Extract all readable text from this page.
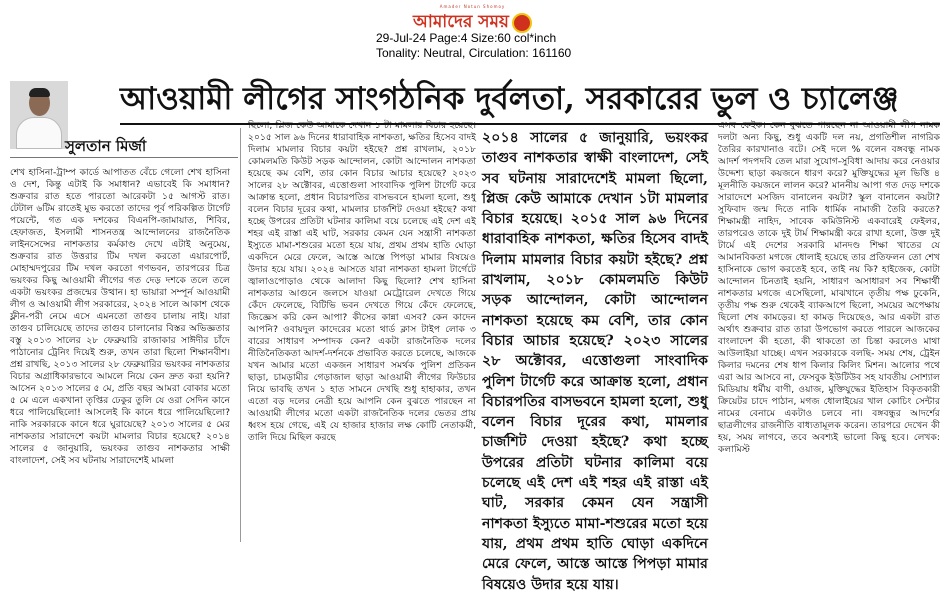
Amader Notun Shomoy
আমাদের সময়
29-Jul-24 Page:4 Size:60 col*inch
Tonality: Neutral, Circulation: 161160
আওয়ামী লীগের সাংগঠনিক দুর্বলতা, সরকারের ভুল ও চ্যালেঞ্জ
সুলতান মির্জা
শেখ হাসিনা-ট্রাম্প কার্ডে আপাতত বেঁচে গেলো শেখ হাসিনা ও দেশ, কিন্তু এটাই কি সমাধান? এভাবেই কি সমাধান? শুক্রবার রাত হতে পারতো আরেকটা ১৫ আগস্ট রাত। টেটাল ৬টিম রাতেই মুভ করতো তাদের পূর্ব পরিকল্পিত টার্গেট পয়েন্টে, গত এক দশকের বিএনপি-জামায়াত, শিবির, হেফাজত, ইসলামী শাসনতন্ত্র আন্দোলনের রাজনৈতিক লাইনসেন্সের নাশকতার কর্মকাণ্ড দেখে এটাই অনুমেয়, শুক্রবার রাত উত্তরার টিম দখল করতো এয়ারপোর্ট, মোহাম্মদপুরের টিম দখল করতো গণভবন, তারপরের চিত্র ভয়ংকর কিছু আওয়ামী লীগের গত দেড় দশকে তলে তলে একটা ভয়ংকর প্রজন্মের উত্থান। হা ভায়ারা সম্পূর্ন আওয়ামী লীগ ও আওয়ামী লীগ সরকারের, ২০২৪ সালে আকাশ থেকে ফ্লীন-পরী নেমে এসে এমনতো তাগুব চালায় নাই। যারা তাগুব চালিয়েছে তাদের তাগুব চালানোর বিস্তর অভিজ্ঞতার বস্তু ২০১৩ সালের ২৮ ফেব্রুয়ারি রাজাকার সাঈদীর চাঁদে পাঠানোর ট্রেনিং দিয়েই শুরু, তখন তারা ছিলো শিক্ষানবীশ। প্রশ্ন রাখছি, ২০১৩ সালের ২৮ ফেব্রুয়ারির ভয়ংকর নাশকতার বিচার অগ্রাধিকারভাবে আমলে নিয়ে কেন দ্রুত করা হয়নি? আসেন ২০১৩ সালের ৫ মে, প্রতি বছর আমরা বোকার মতো ৫ মে এলে একখানা তৃপ্তির ঢেকুর তুলি যে ওরা সেদিন কানে ধরে পালিয়েছিলো! আসলেই কি কানে ধরে পালিয়েছিলো? নাকি সরকারকে কানে ধরে ঘুরায়েছে? ২০১৩ সালের ৫ মের নাশকতার সারাদেশে কয়টা মামলার বিচার হয়েছে? ২০১৪ সালের ৫ জানুয়ারি, ভয়ংকর তাগুব নাশকতার সাক্ষী বাংলাদেশ, সেই সব ঘটনায় সারাদেশেই মামলা
ছিলো, প্লিজ কেউ আমাকে দেখান ১ টা মামলার বিচার হয়েছে। ২০১৫ সাল ৯৬ দিনের ধারাবাহিক নাশকতা, ক্ষতির হিসেব বাদই দিলাম মামলার বিচার কয়টা হইছে? প্রশ্ন রাখলাম, ২০১৮ কোমলমতি কিউট সড়ক আন্দোলন, কোটা আন্দোলন নাশকতা হয়েছে কম বেশি, তার কোন বিচার আচার হয়েছে? ২০২৩ সালের ২৮ অক্টোবর, এত্তোগুলা সাংবাদিক পুলিশ টার্গেট করে আক্রান্ত হলো, প্রধান বিচারপতির বাসভবনে হামলা হলো, শুধু বলেন বিচার দূরের কথা, মামলার চার্জশিট দেওয়া হইছে? কথা হচ্ছে উপরের প্রতিটা ঘটনার কালিমা বয়ে চলেছে এই দেশ এই শহর এই রাস্তা এই ঘাট, সরকার কেমন যেন সন্ত্রাসী নাশকতা ইস্যুতে মামা-শশুরের মতো হয়ে যায়, প্রথম প্রথম হাতি ঘোড়া একদিনে মেরে ফেলে, আস্তে আস্তে পিপড়া মামার বিষয়েও উদার হয়ে যায়। ২০২৪ আসতে যারা নাশকতা হামলা টার্গেটে জ্বালাওপোড়াও থেকে আলাদা কিছু ছিলো? শেখ হাসিনা নাশকতার আগুনে জলসে যাওয়া মেট্রোরেল দেখতে গিয়ে কেঁদে ফেলেছে, বিটিভি ভবন দেখতে গিয়ে কেঁদে ফেলেছে, জিজ্ঞেস করি কেন আপা? কীসের কান্না এসব? কেন কাদেন আপনি? ওবায়দুল কাদেরের মতো থার্ড ক্লাস টাইপ লোক ৩ বারের সাধারণ সম্পাদক কেন? একটা রাজনৈতিক দলের নীতিনৈতিকতা আদর্শ-দর্শনকে প্রভাবিত করতে চলেছে, আজকে যখন আমার মতো একজন সাধারণ সমর্থক পুলিশ প্রতিকন ছাড়া, চামড়ামীর গেড়াজাল ছাড়া আওয়ামী লীগের ফিউচার নিয়ে ভাবছি তখন ১ হাত সামনে দেখছি শুধু হাহাকার, তখন এতো বড় দলের নেত্রী হয়ে আপনি কেন বুঝতে পারছেন না আওয়ামী লীগের মতো একটা রাজনৈতিক দলের ভেতর প্রায় ধ্বংস হয়ে গেছে, এই যে হাজার হাজার লক্ষ কোটি নেতাকর্মী, তালি দিয়ে মিছিল করছে
২০১৪ সালের ৫ জানুয়ারি, ভয়ংকর তাগুব নাশকতার স্বাক্ষী বাংলাদেশ, সেই সব ঘটনায় সারাদেশেই মামলা ছিলো, প্লিজ কেউ আমাকে দেখান ১টা মামলার বিচার হয়েছে। ২০১৫ সাল ৯৬ দিনের ধারাবাহিক নাশকতা, ক্ষতির হিসেব বাদই দিলাম মামলার বিচার কয়টা হইছে? প্রশ্ন রাখলাম, ২০১৮ কোমলমতি কিউট সড়ক আন্দোলন, কোটা আন্দোলন নাশকতা হয়েছে কম বেশি, তার কোন বিচার আচার হয়েছে? ২০২৩ সালের ২৮ অক্টোবর, এত্তোগুলা সাংবাদিক পুলিশ টার্গেট করে আক্রান্ত হলো, প্রধান বিচারপতির বাসভবনে হামলা হলো, শুধু বলেন বিচার দূরের কথা, মামলার চার্জশিট দেওয়া হইছে? কথা হচ্ছে উপরের প্রতিটা ঘটনার কালিমা বয়ে চলেছে এই দেশ এই শহর এই রাস্তা এই ঘাট, সরকার কেমন যেন সন্ত্রাসী নাশকতা ইস্যুতে মামা-শশুরের মতো হয়ে যায়, প্রথম প্রথম হাতি ঘোড়া একদিনে মেরে ফেলে, আস্তে আস্তে পিপড়া মামার বিষয়েও উদার হয়ে যায়।
এসব ফেইক। কেন বুঝতে পারছেন না আওয়ামী লীগ নামক দলটা অন্য কিছু, শুধু একটি দল নয়, প্রগতিশীল নাগরিক তৈরির কারখানাও বটে। সেই দলে % বলেন বঙ্গবন্ধু নামক আদর্শ পদপদবি তেল মারা সুযোগ-সুবিধা আদায় করে নেওয়ার উদ্দেশ্য ছাড়া কয়জনে ধারণ করে? মুক্তিযুদ্ধের মূল ভিত্তি ৪ মূলনীতি কয়জনে লালন করে? মাননীয় আপা গত দেড় দশকে সারাদেশে মসজিদ বানালেন কয়টা? স্কুল বানালেন কয়টা? সুফিবাদ জন্ম দিতে নাকি ধার্মিক নামাজী তৈরি করতে? শিক্ষামন্ত্রী নাহিদ, সাবেক কমিউনিস্ট একবারেই ফেইলর, তারপরেও তাকে দুই টার্ম শিক্ষামন্ত্রী করে রাখা হলো, উক্ত দুই টার্মে এই দেশের সরকারি মানদণ্ড শিক্ষা খাতের যে আমানবিকতা মগজে ধোলাই হয়েছে তার প্রতিফলন তো শেখ হাসিনাকে ভোগ করতেই হবে, তাই নয় কি? হাইজেক, কোটা আন্দোলন চিনতাই হয়নি, সাধারণ অসাধারণ সব শিক্ষার্থী নাশকতার মগজে এসেছিলো, মাঝখানে তৃতীয় পক্ষ ঢুকেনি, তৃতীয় পক্ষ শুরু থেকেই ব্যাকআপে ছিলো, সময়ের অপেক্ষায় ছিলো শেষ কামড়ের। হা কামড় দিয়েছেও, আর একটা রাত অর্থাৎ শুক্রবার রাত তারা উপভোগ করতে পারলে আজকের বাংলাদেশ কী হতো, কী থাকতো তা চিন্তা করলেও মাথা আউলাইয়া যাচ্ছে। এখন সরকারকে বলছি- সময় শেষ, ট্রেইন কিলার দমনের শেষ ধাপ কিলার কিলিং মিশন। আলোর পথে এরা আর আসবে না, ফেসবুক ইউটিউব সহ যাবতীয় সোশ্যাল মিডিয়ায় ধর্মীয় বাণী, ওয়াজ, মুক্তিযুদ্ধের ইতিহাস বিকৃতকারী ক্রিয়েটর চাদে পাঠান, মগজ ধোলাইয়ের খাল কোচিং সেন্টার নামের বেনামে একটাও চলবে না। বঙ্গবন্ধুর আদর্শের ছাত্রলীগের রাজনীতি বাধ্যতামূলক করেন। তারপরে দেখেন কী হয়, সময় লাগবে, তবে অবশ্যই ভালো কিছু হবে। লেখক: কলামিস্ট
